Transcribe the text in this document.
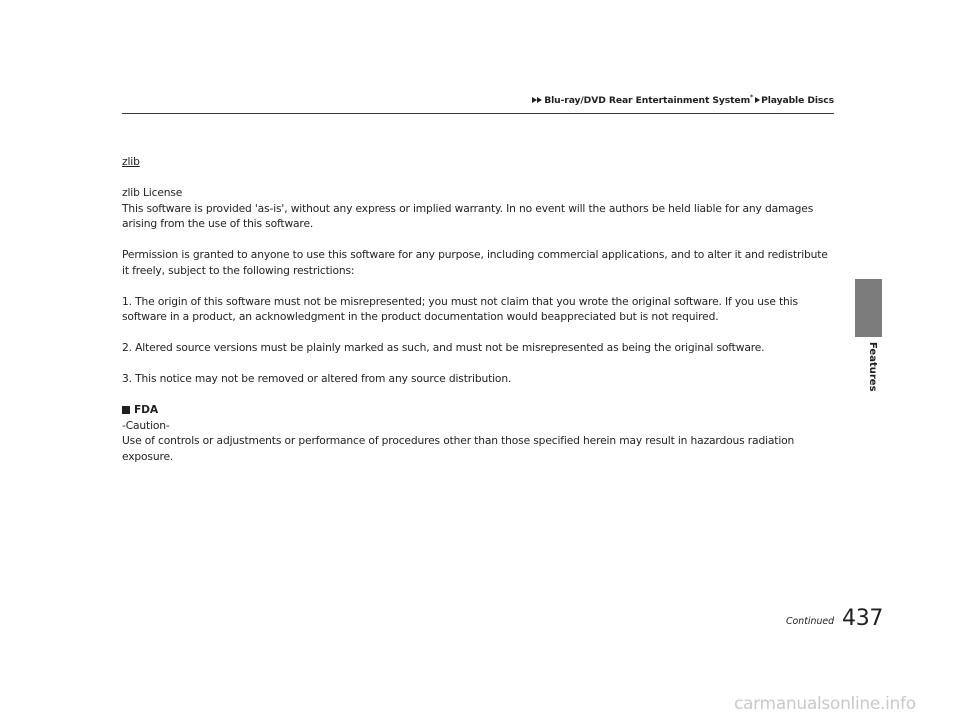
Blu-ray/DVD Rear Entertainment System* Playable Discs
Features

zlib

zlib License

This software is provided 'as-is', without any express or implied warranty. In no event will the authors be held liable for any damages arising from the use of this software.

Permission is granted to anyone to use this software for any purpose, including commercial applications, and to alter it and redistribute it freely, subject to the following restrictions:

1. The origin of this software must not be misrepresented; you must not claim that you wrote the original software. If you use this software in a product, an acknowledgment in the product documentation would beappreciated but is not required.

2. Altered source versions must be plainly marked as such, and must not be misrepresented as being the original software.

3. This notice may not be removed or altered from any source distribution.

FDA

-Caution-

Use of controls or adjustments or performance of procedures other than those specified herein may result in hazardous radiation exposure.

Continued 437
carmanualsonline.info
